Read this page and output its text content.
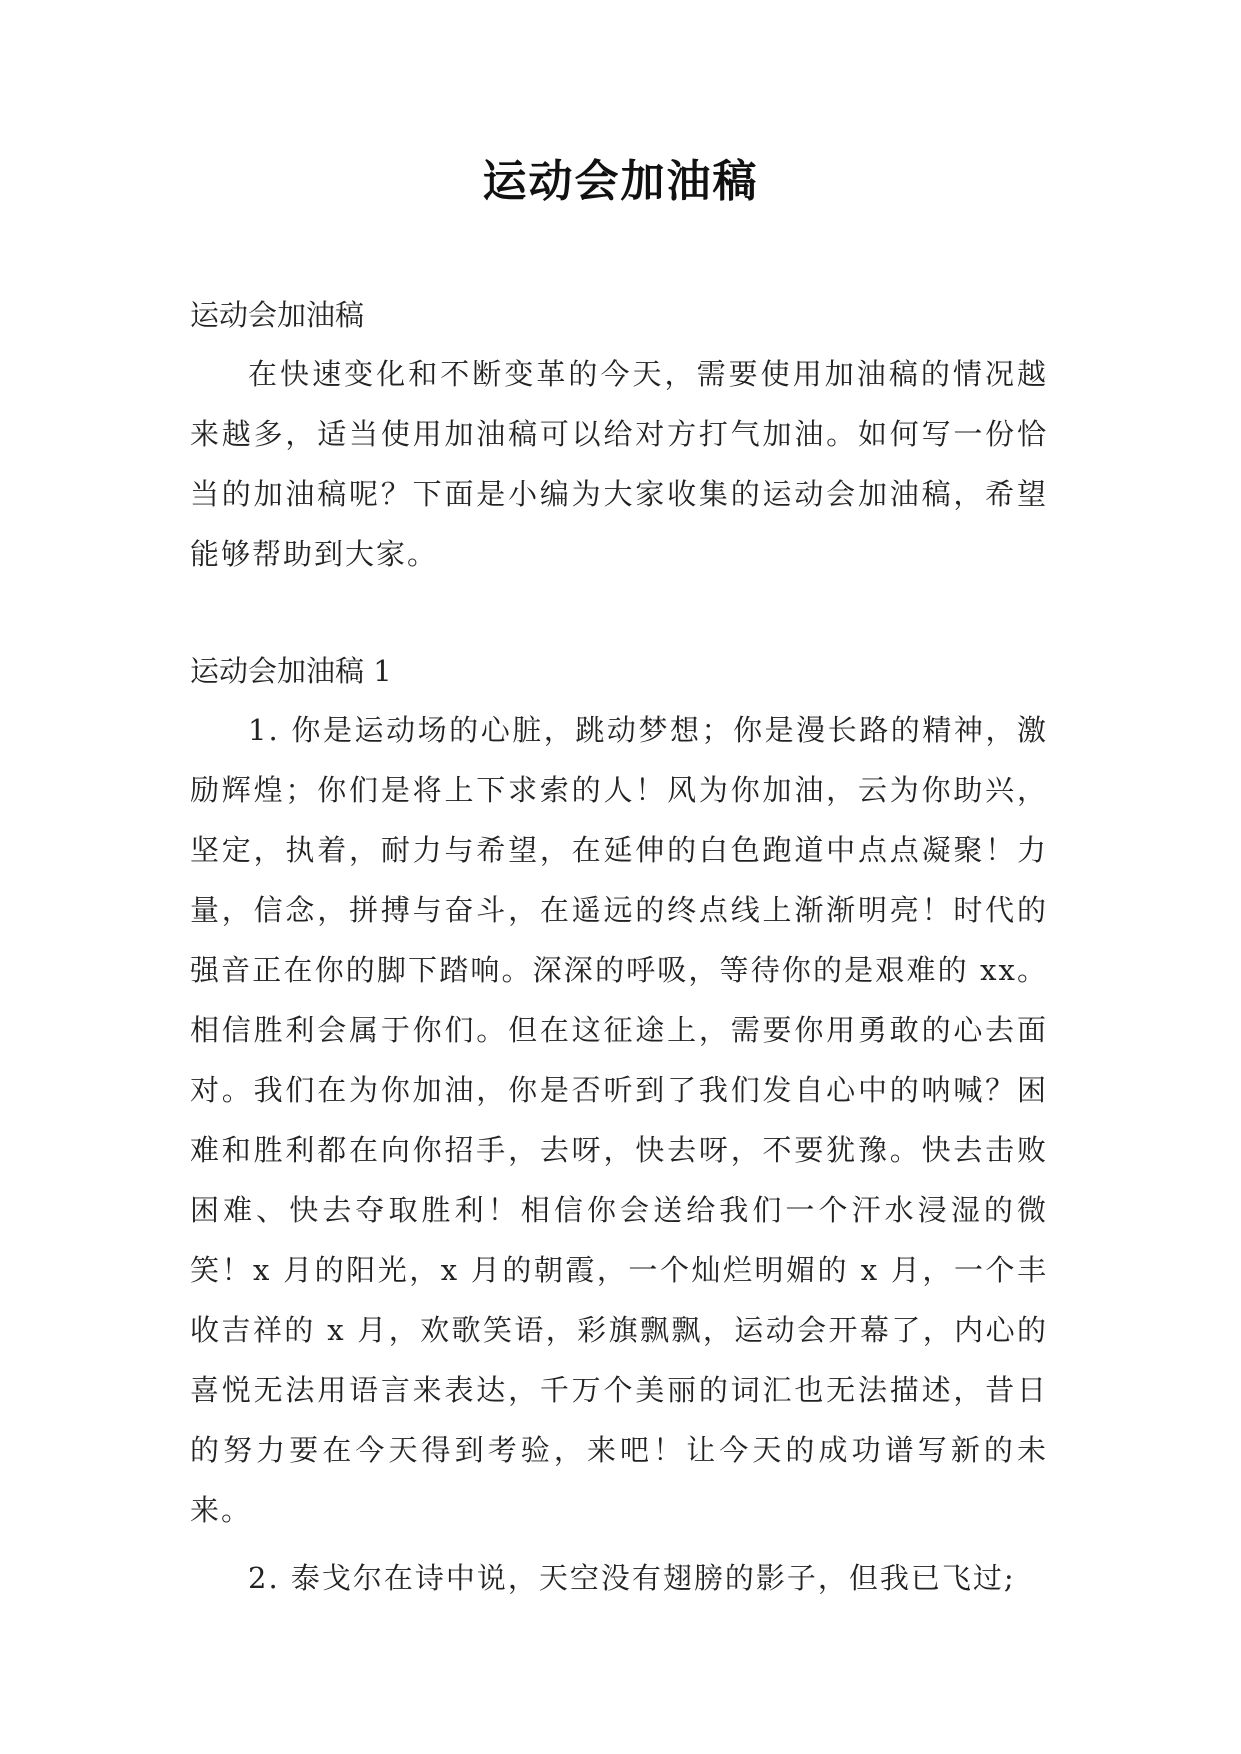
运动会加油稿

运动会加油稿

在快速变化和不断变革的今天，需要使用加油稿的情况越来越多，适当使用加油稿可以给对方打气加油。如何写一份恰当的加油稿呢？下面是小编为大家收集的运动会加油稿，希望能够帮助到大家。

运动会加油稿 1

1. 你是运动场的心脏，跳动梦想；你是漫长路的精神，激励辉煌；你们是将上下求索的人！风为你加油，云为你助兴，坚定，执着，耐力与希望，在延伸的白色跑道中点点凝聚！力量，信念，拼搏与奋斗，在遥远的终点线上渐渐明亮！时代的强音正在你的脚下踏响。深深的呼吸，等待你的是艰难的 xx。相信胜利会属于你们。但在这征途上，需要你用勇敢的心去面对。我们在为你加油，你是否听到了我们发自心中的呐喊？困难和胜利都在向你招手，去呀，快去呀，不要犹豫。快去击败困难、快去夺取胜利！相信你会送给我们一个汗水浸湿的微笑！x 月的阳光，x 月的朝霞，一个灿烂明媚的 x 月，一个丰收吉祥的 x 月，欢歌笑语，彩旗飘飘，运动会开幕了，内心的喜悦无法用语言来表达，千万个美丽的词汇也无法描述，昔日的努力要在今天得到考验，来吧！让今天的成功谱写新的未来。

2. 泰戈尔在诗中说，天空没有翅膀的影子，但我已飞过;
